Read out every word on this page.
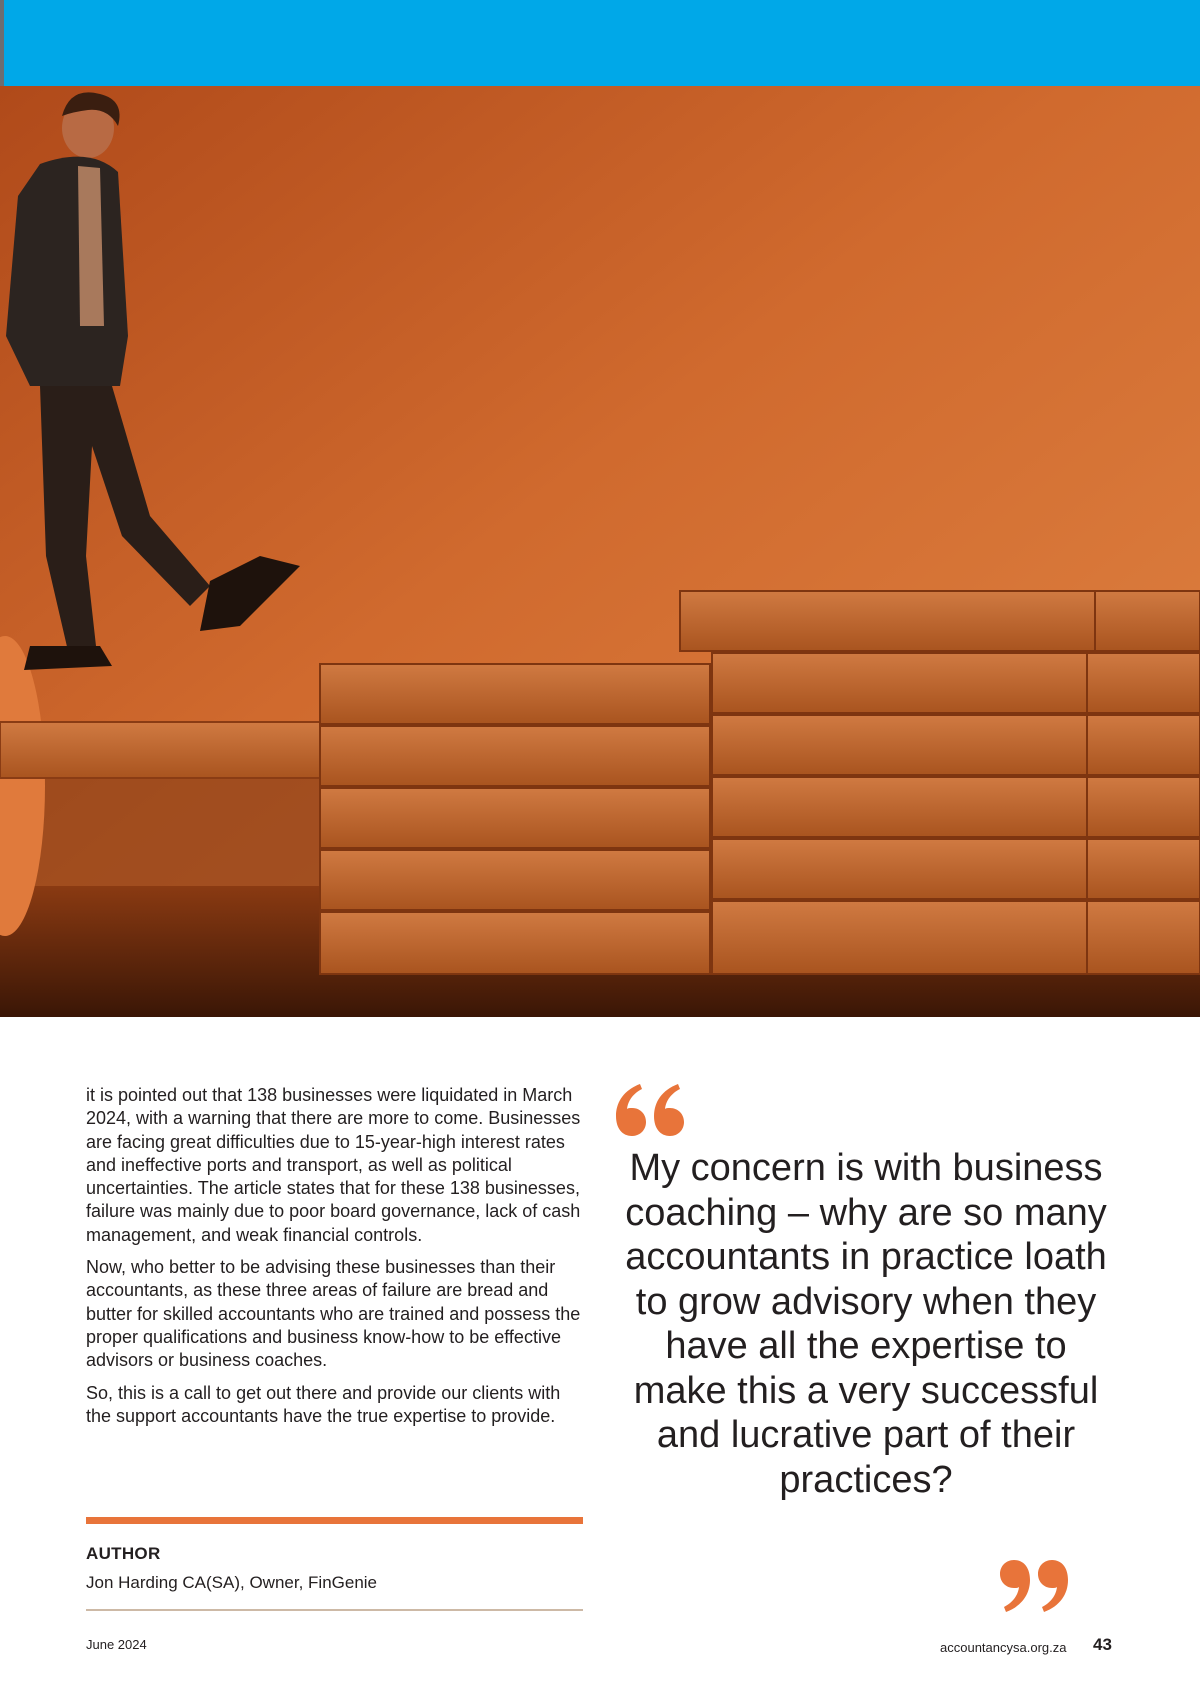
it is pointed out that 138 businesses were liquidated in March 2024, with a warning that there are more to come. Businesses are facing great difficulties due to 15-year-high interest rates and ineffective ports and transport, as well as political uncertainties. The article states that for these 138 businesses, failure was mainly due to poor board governance, lack of cash management, and weak financial controls.

Now, who better to be advising these businesses than their accountants, as these three areas of failure are bread and butter for skilled accountants who are trained and possess the proper qualifications and business know-how to be effective advisors or business coaches.

So, this is a call to get out there and provide our clients with the support accountants have the true expertise to provide.

AUTHOR
Jon Harding CA(SA), Owner, FinGenie
My concern is with business coaching – why are so many accountants in practice loath to grow advisory when they have all the expertise to make this a very successful and lucrative part of their practices?
June 2024	accountancysa.org.za 43
